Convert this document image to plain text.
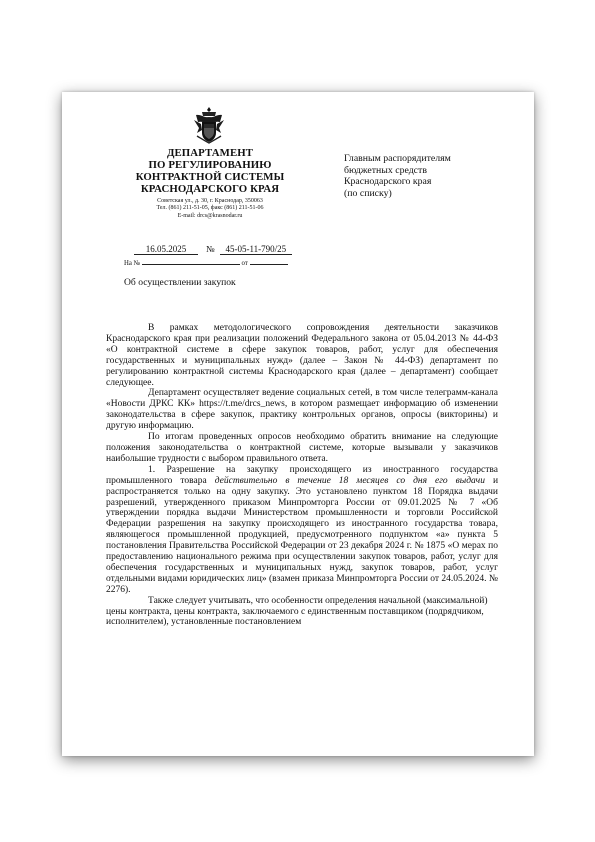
ДЕПАРТАМЕНТ
ПО РЕГУЛИРОВАНИЮ
КОНТРАКТНОЙ СИСТЕМЫ
КРАСНОДАРСКОГО КРАЯ
Советская ул., д. 30, г. Краснодар, 350063
Тел. (861) 211-51-05, факс (861) 211-51-06
E-mail: drcs@krasnodar.ru
Главным распорядителям
бюджетных средств
Краснодарского края
(по списку)
16.05.2025	№ 45-05-11-790/25
На №	от
Об осуществлении закупок

В рамках методологического сопровождения деятельности заказчиков Краснодарского края при реализации положений Федерального закона от 05.04.2013 № 44-ФЗ «О контрактной системе в сфере закупок товаров, работ, услуг для обеспечения государственных и муниципальных нужд» (далее – Закон № 44-ФЗ) департамент по регулированию контрактной системы Краснодарского края (далее – департамент) сообщает следующее.

Департамент осуществляет ведение социальных сетей, в том числе телеграмм-канала «Новости ДРКС КК» https://t.me/drcs_news, в котором размещает информацию об изменении законодательства в сфере закупок, практику контрольных органов, опросы (викторины) и другую информацию.

По итогам проведенных опросов необходимо обратить внимание на следующие положения законодательства о контрактной системе, которые вызывали у заказчиков наибольшие трудности с выбором правильного ответа.

1. Разрешение на закупку происходящего из иностранного государства промышленного товара действительно в течение 18 месяцев со дня его выдачи и распространяется только на одну закупку. Это установлено пунктом 18 Порядка выдачи разрешений, утвержденного приказом Минпромторга России от 09.01.2025 № 7 «Об утверждении порядка выдачи Министерством промышленности и торговли Российской Федерации разрешения на закупку происходящего из иностранного государства товара, являющегося промышленной продукцией, предусмотренного подпунктом «а» пункта 5 постановления Правительства Российской Федерации от 23 декабря 2024 г. № 1875 «О мерах по предоставлению национального режима при осуществлении закупок товаров, работ, услуг для обеспечения государственных и муниципальных нужд, закупок товаров, работ, услуг отдельными видами юридических лиц» (взамен приказа Минпромторга России от 24.05.2024. № 2276).

Также следует учитывать, что особенности определения начальной (максимальной) цены контракта, цены контракта, заключаемого с единственным поставщиком (подрядчиком, исполнителем), установленные постановлением
